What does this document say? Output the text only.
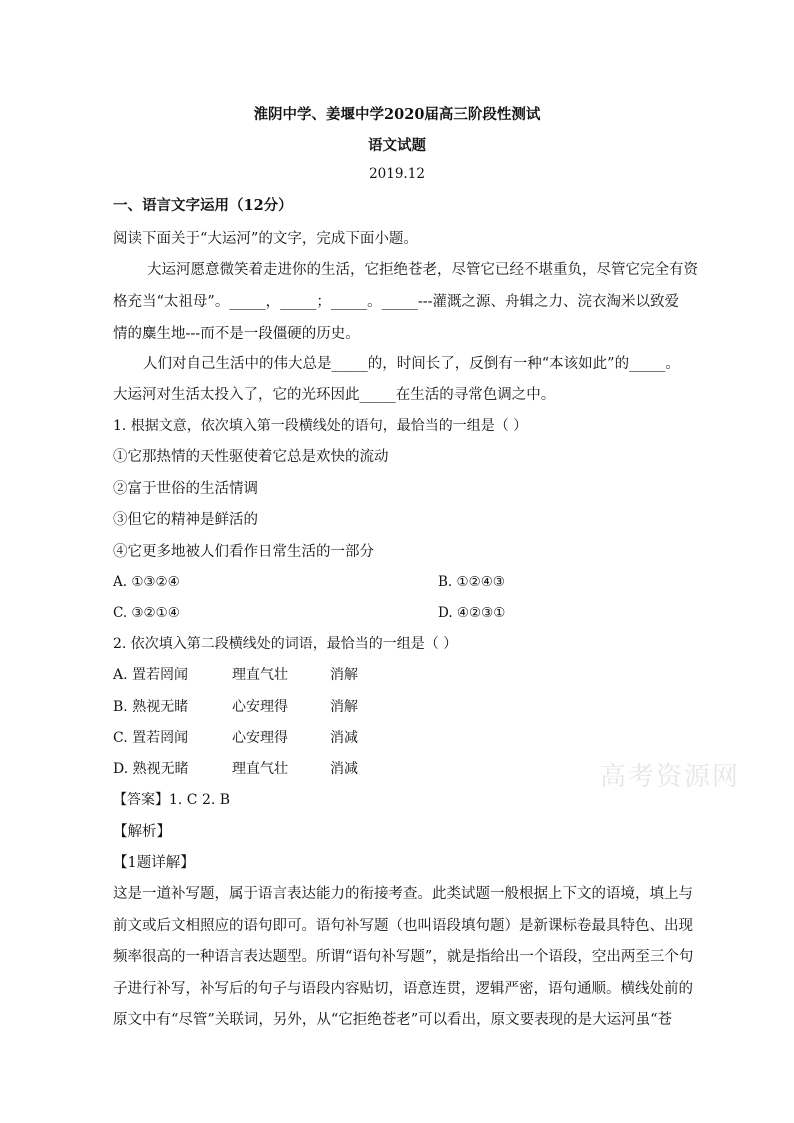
淮阴中学、姜堰中学2020届高三阶段性测试
语文试题
2019.12
一、语言文字运用（12分）
阅读下面关于“大运河”的文字，完成下面小题。
大运河愿意微笑着走进你的生活，它拒绝苍老，尽管它已经不堪重负，尽管它完全有资
格充当“太祖母”。_____，_____；_____。_____---灌溉之源、舟辑之力、浣衣淘米以致爱
情的麋生地---而不是一段僵硬的历史。
人们对自己生活中的伟大总是_____的，时间长了，反倒有一种“本该如此”的_____。
大运河对生活太投入了，它的光环因此_____在生活的寻常色调之中。
1. 根据文意，依次填入第一段横线处的语句，最恰当的一组是（ ）
①它那热情的天性驱使着它总是欢快的流动
②富于世俗的生活情调
③但它的精神是鲜活的
④它更多地被人们看作日常生活的一部分
A. ①③②④	B. ①②④③
C. ③②①④	D. ④②③①
2. 依次填入第二段横线处的词语，最恰当的一组是（ ）
A. 置若罔闻	理直气壮	消解
B. 熟视无睹	心安理得	消解
C. 置若罔闻	心安理得	消减
D. 熟视无睹	理直气壮	消减	高考资源网
【答案】1. C 2. B
【解析】
【1题详解】
这是一道补写题，属于语言表达能力的衔接考查。此类试题一般根据上下文的语境，填上与
前文或后文相照应的语句即可。语句补写题（也叫语段填句题）是新课标卷最具特色、出现
频率很高的一种语言表达题型。所谓“语句补写题”，就是指给出一个语段，空出两至三个句
子进行补写，补写后的句子与语段内容贴切，语意连贯，逻辑严密，语句通顺。横线处前的
原文中有“尽管”关联词，另外，从“它拒绝苍老”可以看出，原文要表现的是大运河虽“苍
